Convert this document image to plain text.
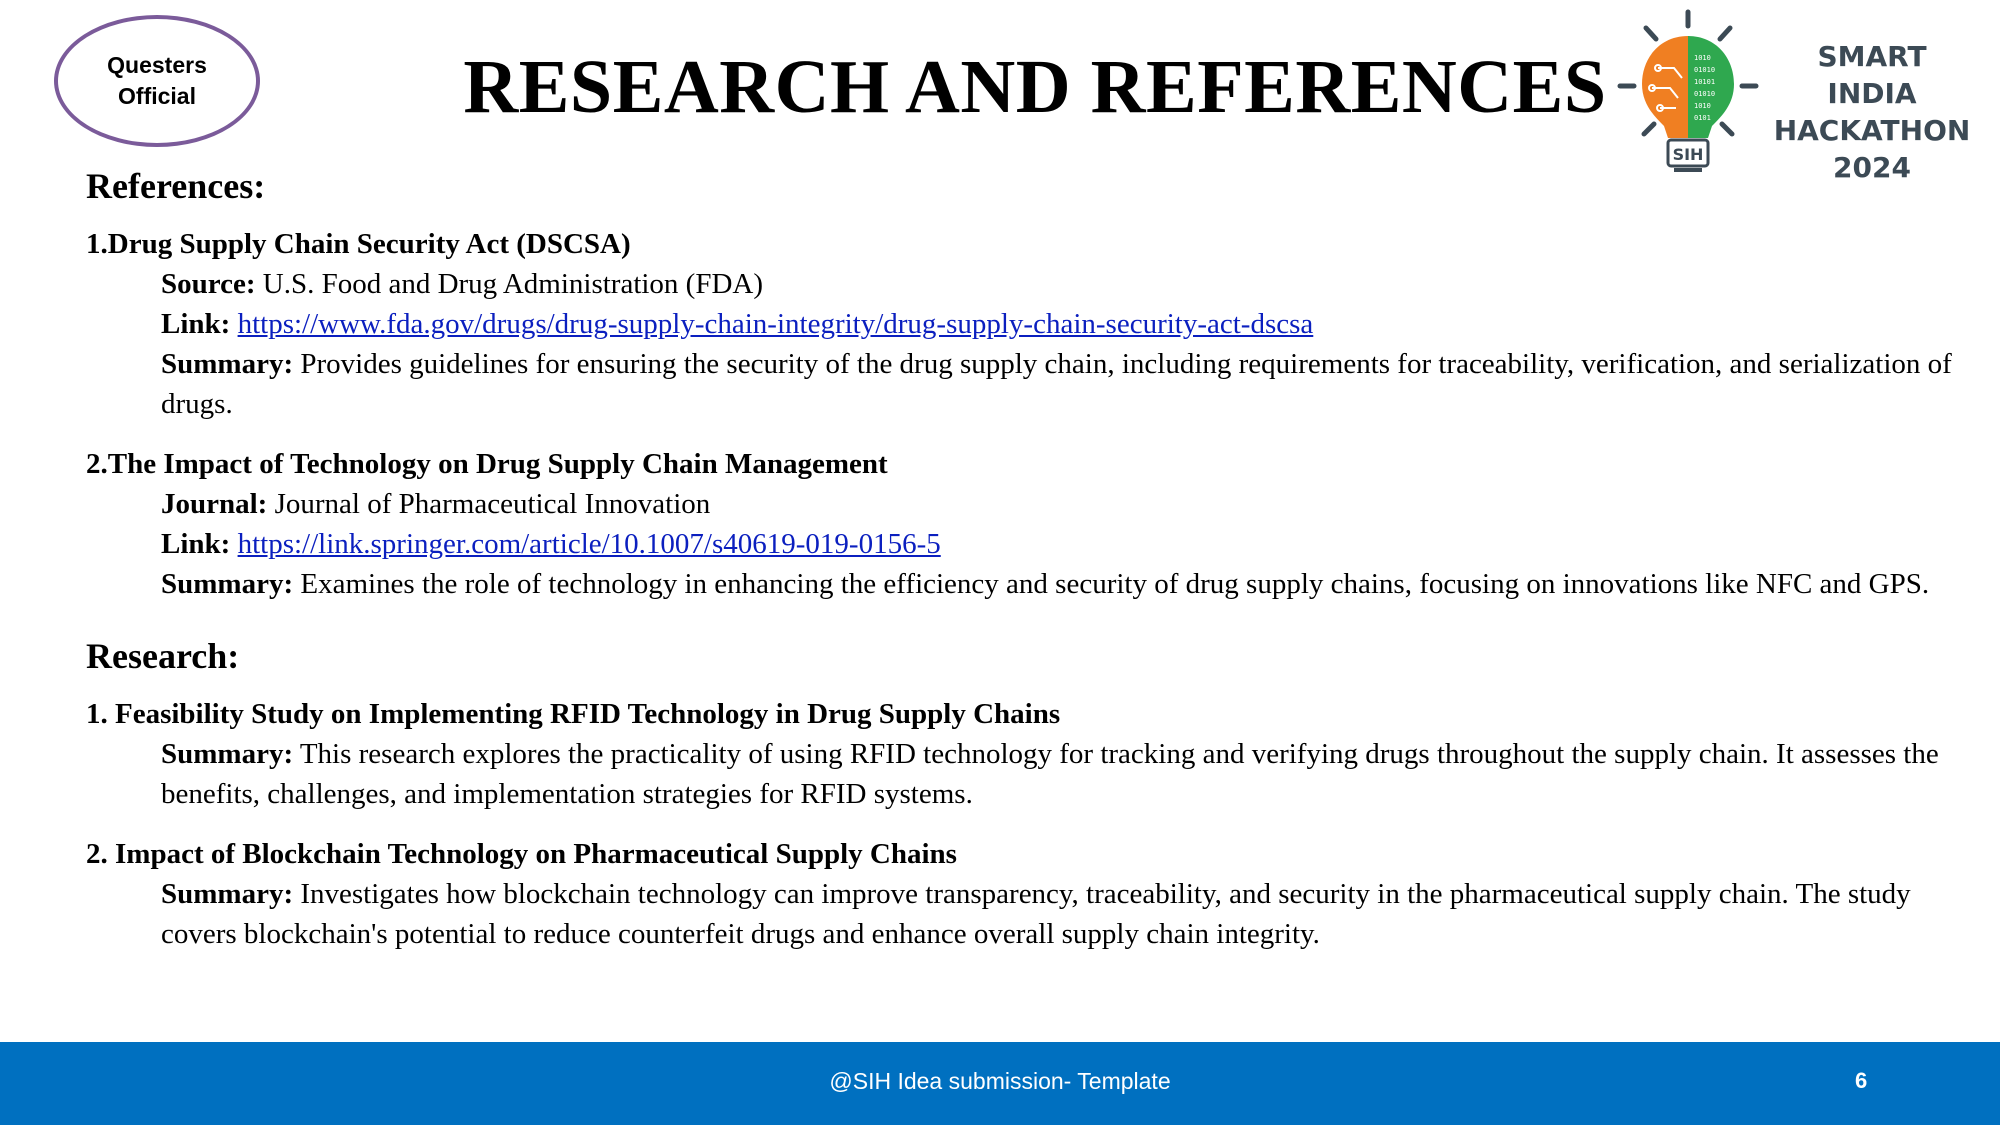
Questers
Official	RESEARCH AND REFERENCES	1010
01010
10101
01010
1010
0101
SIH
SMART INDIA
HACKATHON
2024
References:
1.Drug Supply Chain Security Act (DSCSA)
Source: U.S. Food and Drug Administration (FDA)
Link: https://www.fda.gov/drugs/drug-supply-chain-integrity/drug-supply-chain-security-act-dscsa
Summary: Provides guidelines for ensuring the security of the drug supply chain, including requirements for traceability, verification, and serialization of drugs.
2.The Impact of Technology on Drug Supply Chain Management
Journal: Journal of Pharmaceutical Innovation
Link: https://link.springer.com/article/10.1007/s40619-019-0156-5
Summary: Examines the role of technology in enhancing the efficiency and security of drug supply chains, focusing on innovations like NFC and GPS.
Research:
1. Feasibility Study on Implementing RFID Technology in Drug Supply Chains
Summary: This research explores the practicality of using RFID technology for tracking and verifying drugs throughout the supply chain. It assesses the benefits, challenges, and implementation strategies for RFID systems.
2. Impact of Blockchain Technology on Pharmaceutical Supply Chains
Summary: Investigates how blockchain technology can improve transparency, traceability, and security in the pharmaceutical supply chain. The study covers blockchain's potential to reduce counterfeit drugs and enhance overall supply chain integrity.
@SIH Idea submission- Template	6
